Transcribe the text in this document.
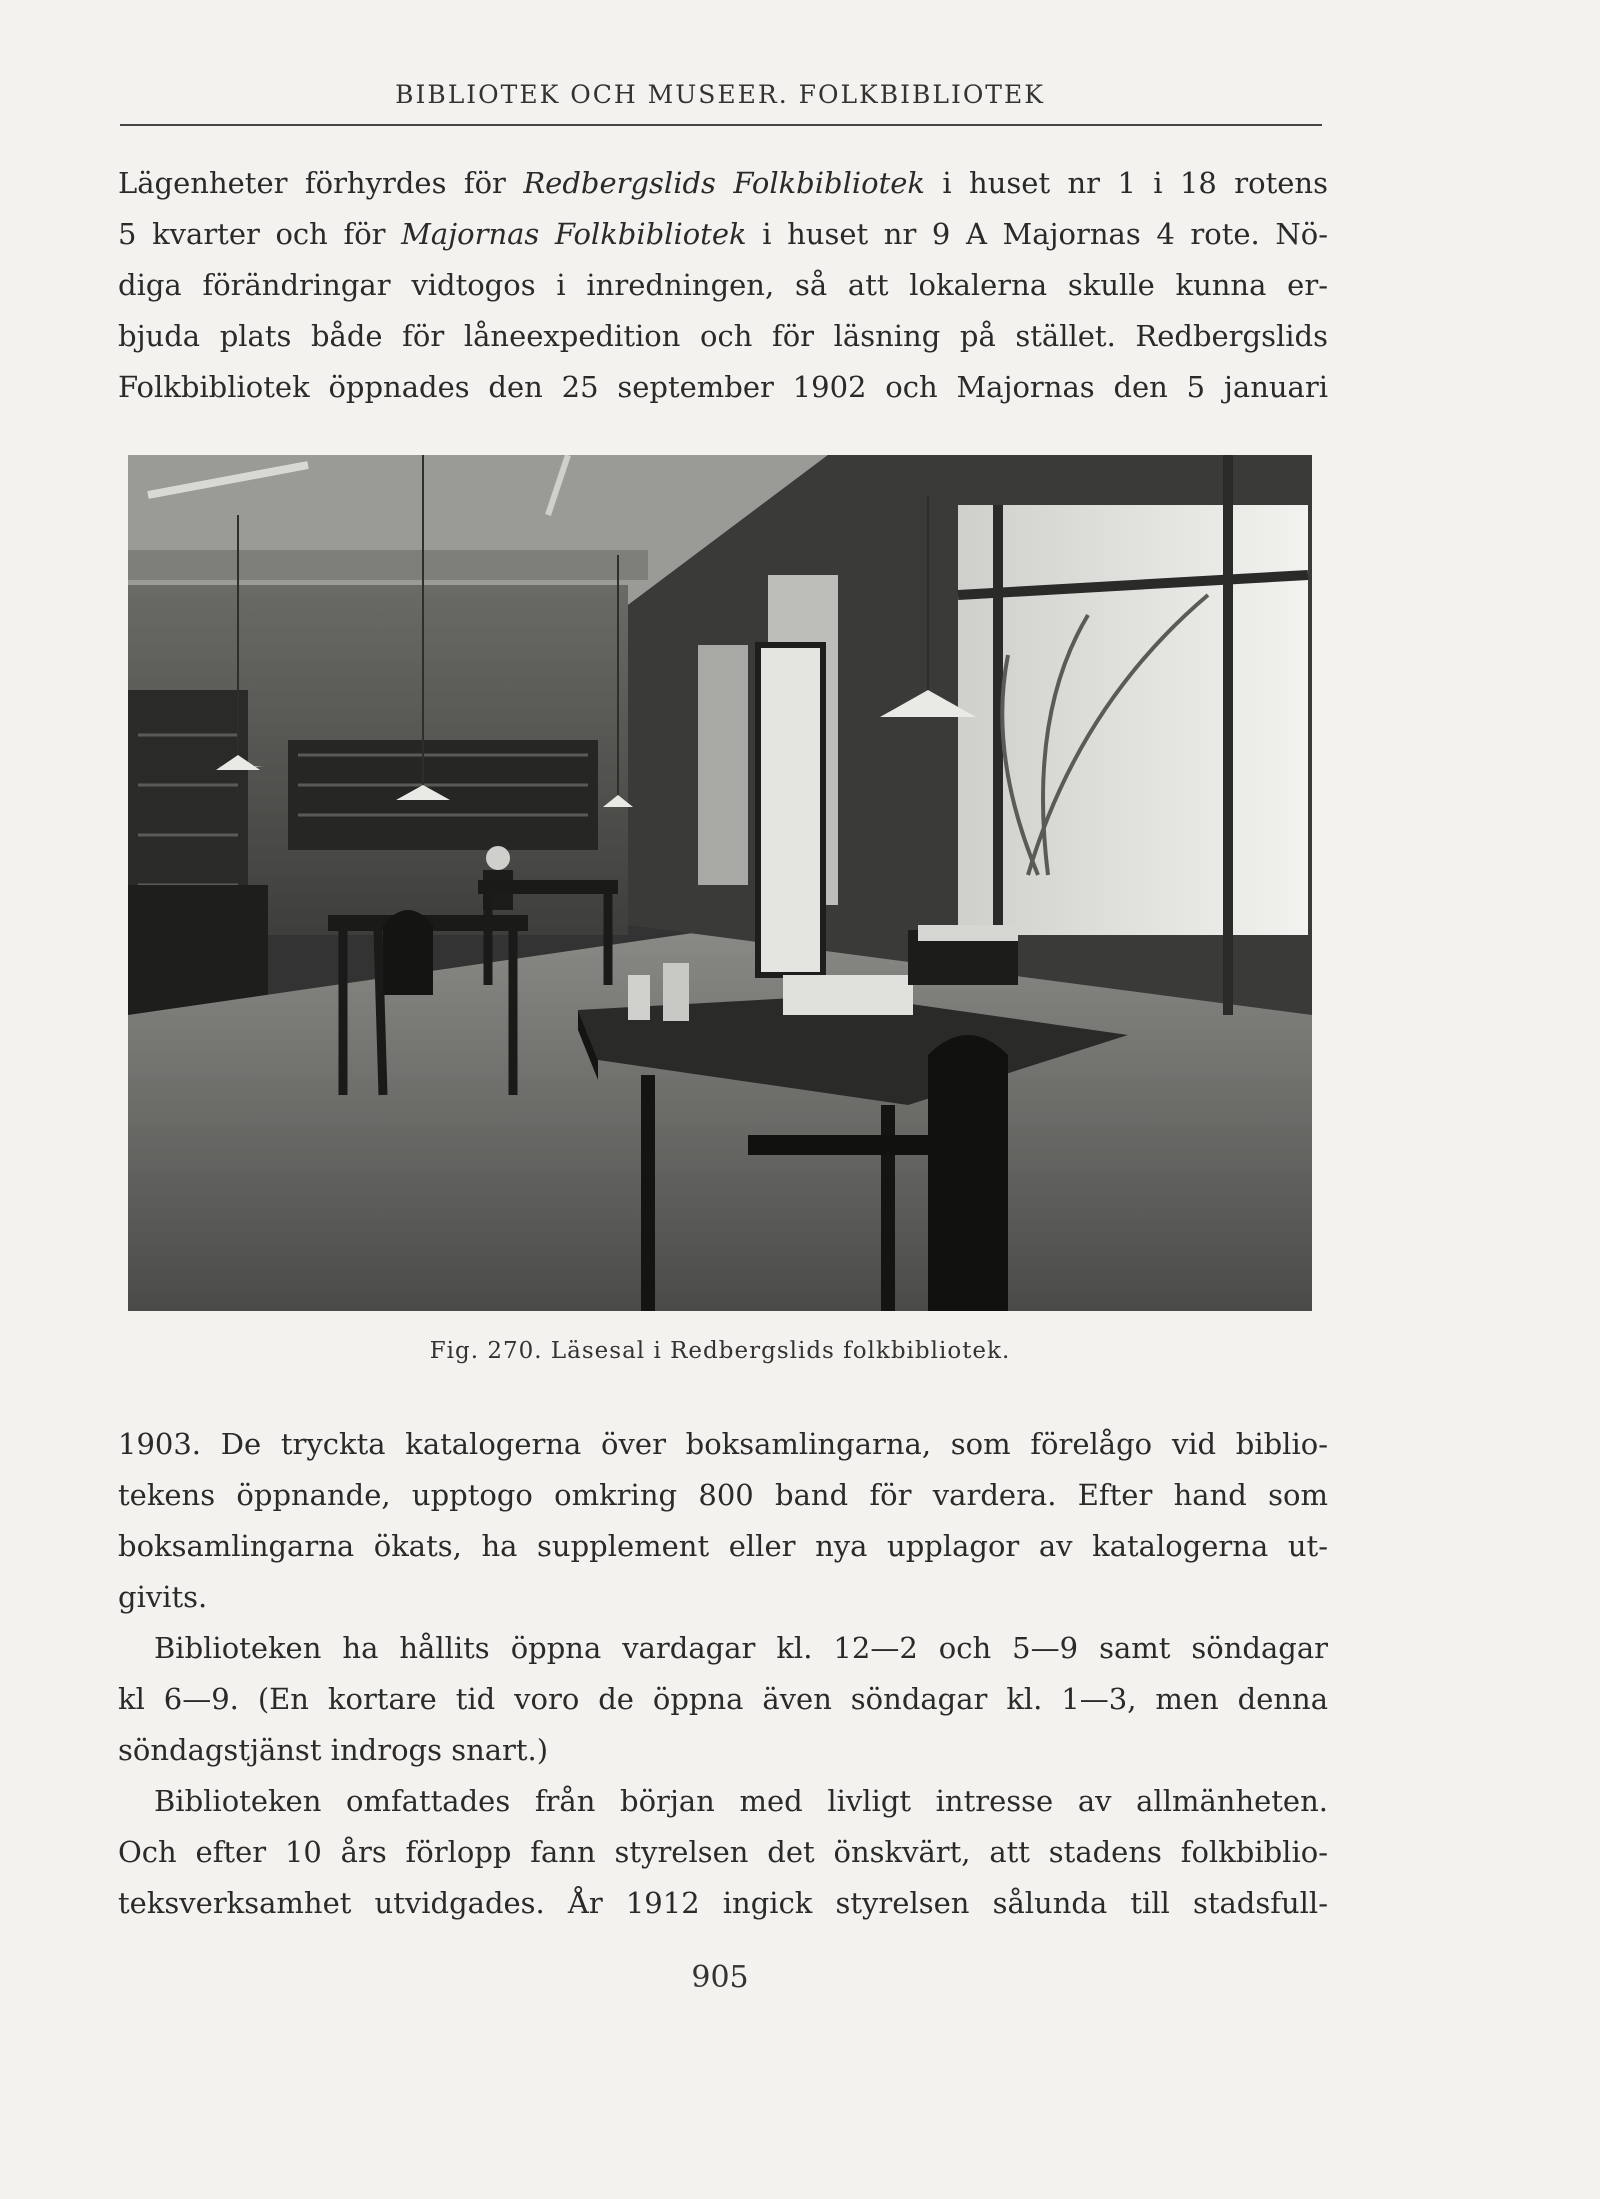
BIBLIOTEK OCH MUSEER. FOLKBIBLIOTEK
Lägenheter förhyrdes för Redbergslids Folkbibliotek i huset nr 1 i 18 rotens
5 kvarter och för Majornas Folkbibliotek i huset nr 9 A Majornas 4 rote. Nö-
diga förändringar vidtogos i inredningen, så att lokalerna skulle kunna er-
bjuda plats både för låneexpedition och för läsning på stället. Redbergslids
Folkbibliotek öppnades den 25 september 1902 och Majornas den 5 januari
Fig. 270. Läsesal i Redbergslids folkbibliotek.
1903. De tryckta katalogerna över boksamlingarna, som förelågo vid biblio-
tekens öppnande, upptogo omkring 800 band för vardera. Efter hand som
boksamlingarna ökats, ha supplement eller nya upplagor av katalogerna ut-
givits.
Biblioteken ha hållits öppna vardagar kl. 12—2 och 5—9 samt söndagar
kl 6—9. (En kortare tid voro de öppna även söndagar kl. 1—3, men denna
söndagstjänst indrogs snart.)
Biblioteken omfattades från början med livligt intresse av allmänheten.
Och efter 10 års förlopp fann styrelsen det önskvärt, att stadens folkbiblio-
teksverksamhet utvidgades. År 1912 ingick styrelsen sålunda till stadsfull-
905
